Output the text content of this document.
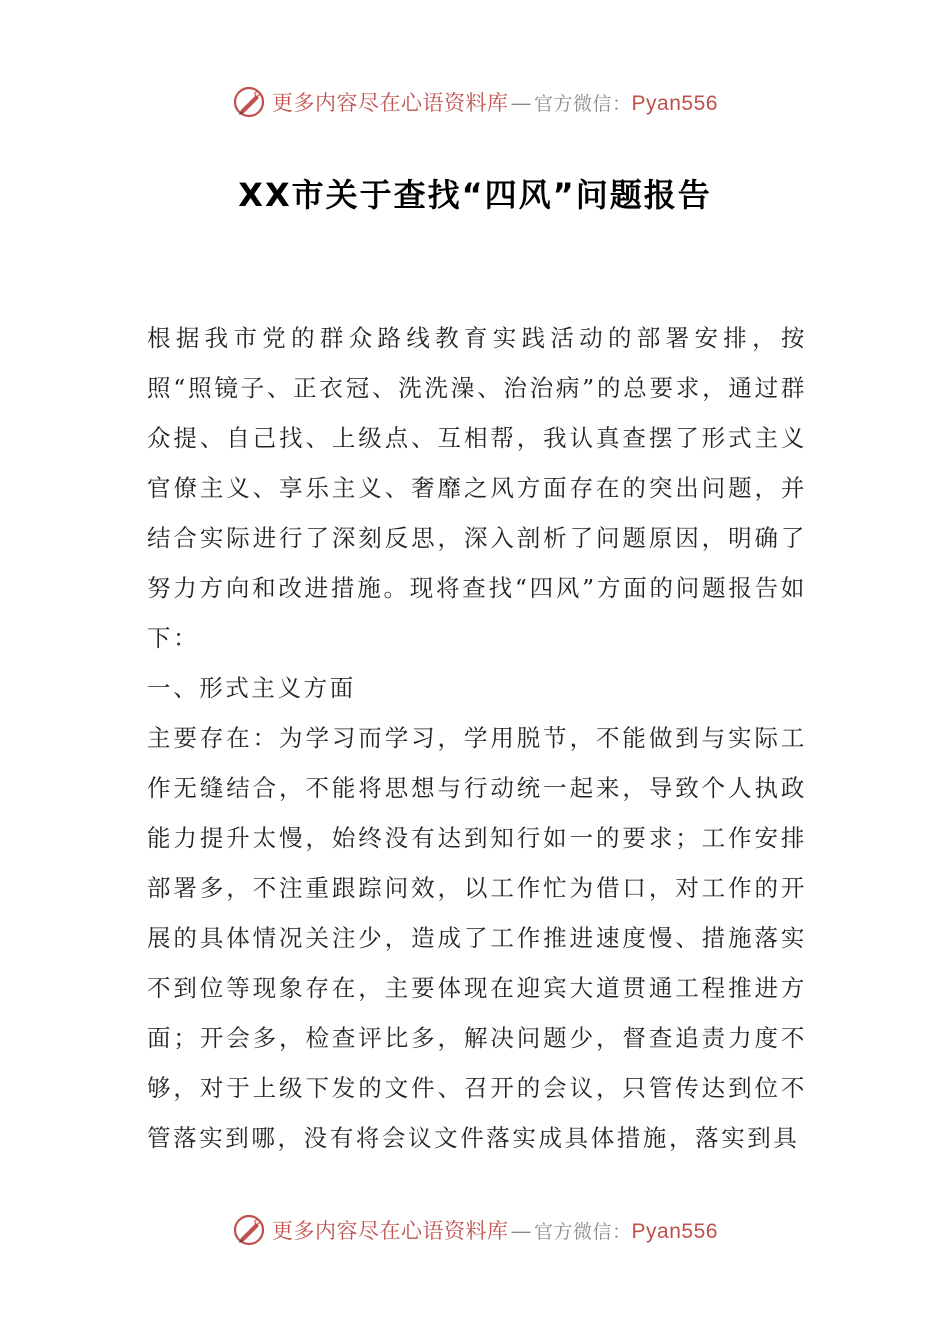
更多内容尽在心语资料库 — 官方微信： Pyan556
XX市关于查找“四风”问题报告

根据我市党的群众路线教育实践活动的部署安排，按照“照镜子、正衣冠、洗洗澡、治治病”的总要求，通过群众提、自己找、上级点、互相帮，我认真查摆了形式主义官僚主义、享乐主义、奢靡之风方面存在的突出问题，并结合实际进行了深刻反思，深入剖析了问题原因，明确了努力方向和改进措施。现将查找“四风”方面的问题报告如下：

一、形式主义方面

主要存在：为学习而学习，学用脱节，不能做到与实际工作无缝结合，不能将思想与行动统一起来，导致个人执政能力提升太慢，始终没有达到知行如一的要求；工作安排部署多，不注重跟踪问效，以工作忙为借口，对工作的开展的具体情况关注少，造成了工作推进速度慢、措施落实不到位等现象存在，主要体现在迎宾大道贯通工程推进方面；开会多，检查评比多，解决问题少，督查追责力度不够，对于上级下发的文件、召开的会议，只管传达到位不管落实到哪，没有将会议文件落实成具体措施，落实到具

更多内容尽在心语资料库 — 官方微信： Pyan556
